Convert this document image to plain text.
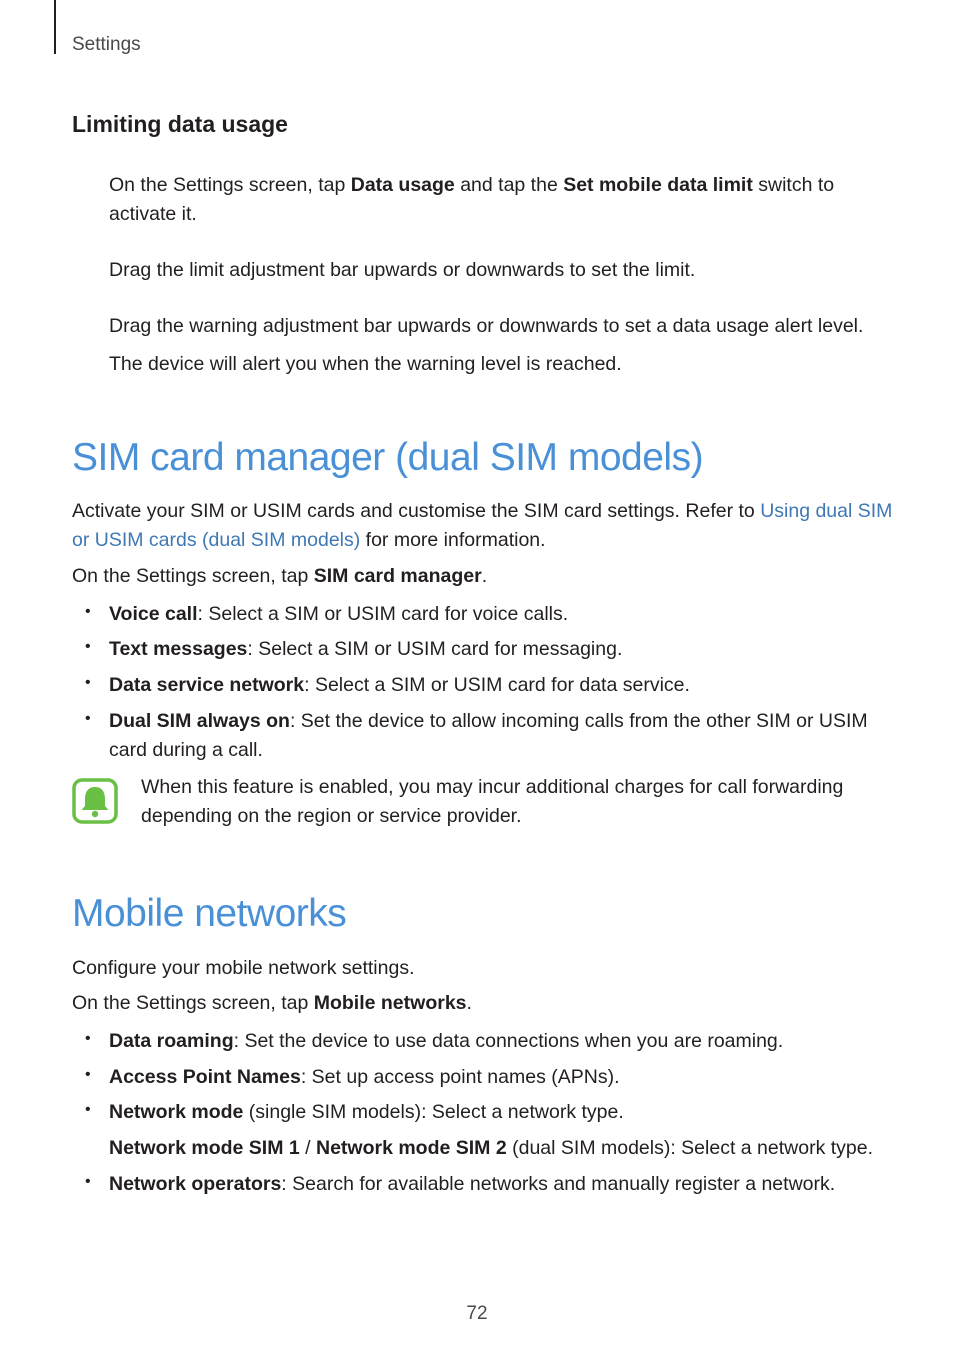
Settings
Limiting data usage

On the Settings screen, tap Data usage and tap the Set mobile data limit switch to
activate it.

Drag the limit adjustment bar upwards or downwards to set the limit.

Drag the warning adjustment bar upwards or downwards to set a data usage alert level.

The device will alert you when the warning level is reached.

SIM card manager (dual SIM models)

Activate your SIM or USIM cards and customise the SIM card settings. Refer to Using dual SIM
or USIM cards (dual SIM models) for more information.

On the Settings screen, tap SIM card manager.

• Voice call: Select a SIM or USIM card for voice calls.

• Text messages: Select a SIM or USIM card for messaging.

• Data service network: Select a SIM or USIM card for data service.

• Dual SIM always on: Set the device to allow incoming calls from the other SIM or USIM
card during a call.

When this feature is enabled, you may incur additional charges for call forwarding
depending on the region or service provider.

Mobile networks

Configure your mobile network settings.

On the Settings screen, tap Mobile networks.

• Data roaming: Set the device to use data connections when you are roaming.

• Access Point Names: Set up access point names (APNs).

• Network mode (single SIM models): Select a network type.

Network mode SIM 1 / Network mode SIM 2 (dual SIM models): Select a network type.

• Network operators: Search for available networks and manually register a network.

72
